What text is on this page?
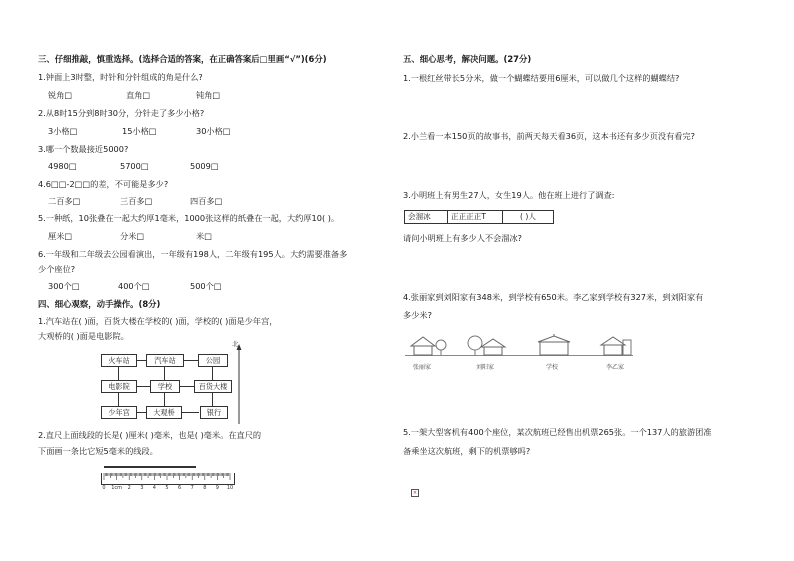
三、仔细推敲，慎重选择。(选择合适的答案，在正确答案后□里画“√”)(6分)
1.钟面上3时整，时针和分针组成的角是什么?
锐角□	直角□	钝角□
2.从8时15分到8时30分，分针走了多少小格?
3小格□	15小格□	30小格□
3.哪一个数最接近5000?
4980□	5700□	5009□
4.6□□-2□□的差，不可能是多少?
二百多□	三百多□	四百多□
5.一种纸，10张叠在一起大约厚1毫米，1000张这样的纸叠在一起，大约厚10( )。
厘米□	分米□	米□
6.一年级和二年级去公园看演出，一年级有198人，二年级有195人。大约需要准备多
少个座位?
300个□	400个□	500个□
四、细心观察，动手操作。(8分)
1.汽车站在( )面，百货大楼在学校的( )面，学校的( )面是少年宫，
大观桥的( )面是电影院。
火车站	汽车站	公园
电影院	学校	百货大楼
少年宫	大观桥	银行
北
2.直尺上面线段的长是( )厘米( )毫米，也是( )毫米。在直尺的
下面画一条比它短5毫米的线段。
0 1cm 2 3 4 5 6 7 8 9 10
五、细心思考，解决问题。(27分)
1.一根红丝带长5分米，做一个蝴蝶结要用6厘米，可以做几个这样的蝴蝶结?
2.小兰看一本150页的故事书，前两天每天看36页，这本书还有多少页没有看完?
3.小明班上有男生27人，女生19人。他在班上进行了调查:
会溜冰	正正正正T	( )人
请问小明班上有多少人不会溜冰?
4.张丽家到刘阳家有348米，到学校有650米。李乙家到学校有327米，到刘阳家有
多少米?
张丽家	刘阳家	学校	李乙家
5.一架大型客机有400个座位，某次航班已经售出机票265张。一个137人的旅游团准
备乘坐这次航班，剩下的机票够吗?
×
